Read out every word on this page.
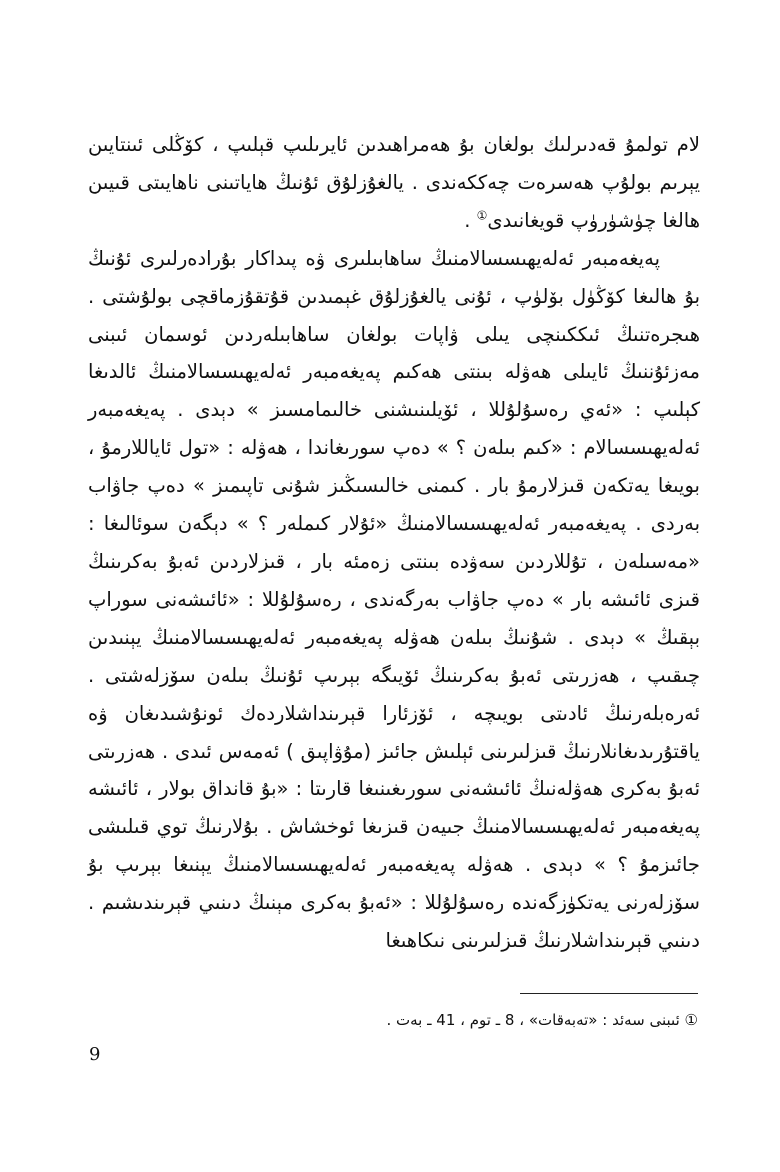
لام تولمۇ قەدىرلىك بولغان بۇ ھەمراھىدىن ئايرىلىپ قېلىپ ، كۆڭلى ئىنتايىن يېرىم بولۇپ ھەسرەت چەككەندى . يالغۇزلۇق ئۇنىڭ ھاياتىنى ناھايىتى قىيىن ھالغا چۈشۈرۈپ قويغانىدى① .

پەيغەمبەر ئەلەيھىسسالامنىڭ ساھابىلىرى ۋە پىداكار بۇرادەرلىرى ئۇنىڭ بۇ ھالىغا كۆڭۈل بۆلۈپ ، ئۇنى يالغۇزلۇق غېمىدىن قۇتقۇزماقچى بولۇشتى . ھىجرەتنىڭ ئىككىنچى يىلى ۋاپات بولغان ساھابىلەردىن ئوسمان ئىبنى مەزئۇننىڭ ئايىلى ھەۋلە بىنتى ھەكىم پەيغەمبەر ئەلەيھىسسالامنىڭ ئالدىغا كېلىپ : «ئەي رەسۇلۇللا ، ئۆيلىنىشنى خالىمامسىز » دېدى . پەيغەمبەر ئەلەيھىسسالام : «كىم بىلەن ؟ » دەپ سورىغاندا ، ھەۋلە : «تول ئاياللارمۇ ، بويىغا يەتكەن قىزلارمۇ بار . كىمنى خالىسىڭىز شۇنى تاپىمىز » دەپ جاۋاب بەردى . پەيغەمبەر ئەلەيھىسسالامنىڭ «ئۇلار كىملەر ؟ » دېگەن سوئالىغا : «مەسىلەن ، تۇللاردىن سەۋدە بىنتى زەمئە بار ، قىزلاردىن ئەبۇ بەكرىنىڭ قىزى ئائىشە بار » دەپ جاۋاب بەرگەندى ، رەسۇلۇللا : «ئائىشەنى سوراپ بېقىڭ » دېدى . شۇنىڭ بىلەن ھەۋلە پەيغەمبەر ئەلەيھىسسالامنىڭ يېنىدىن چىقىپ ، ھەزرىتى ئەبۇ بەكرىنىڭ ئۆيىگە بېرىپ ئۇنىڭ بىلەن سۆزلەشتى . ئەرەبلەرنىڭ ئادىتى بويىچە ، ئۆزئارا قېرىنداشلاردەك ئونۇشىدىغان ۋە ياقتۇرىدىغانلارنىڭ قىزلىرىنى ئېلىش جائىز (مۇۋاپىق ) ئەمەس ئىدى . ھەزرىتى ئەبۇ بەكرى ھەۋلەنىڭ ئائىشەنى سورىغىنىغا قارىتا : «بۇ قانداق بولار ، ئائىشە پەيغەمبەر ئەلەيھىسسالامنىڭ جىيەن قىزىغا ئوخشاش . بۇلارنىڭ توي قىلىشى جائىزمۇ ؟ » دېدى . ھەۋلە پەيغەمبەر ئەلەيھىسسالامنىڭ يېنىغا بېرىپ بۇ سۆزلەرنى يەتكۈزگەندە رەسۇلۇللا : «ئەبۇ بەكرى مېنىڭ دىنىي قېرىندىشىم . دىنىي قېرىنداشلارنىڭ قىزلىرىنى نىكاھىغا

① ئىبنى سەئد : «تەبەقات» ، 8 ـ توم ، 41 ـ بەت .
9
